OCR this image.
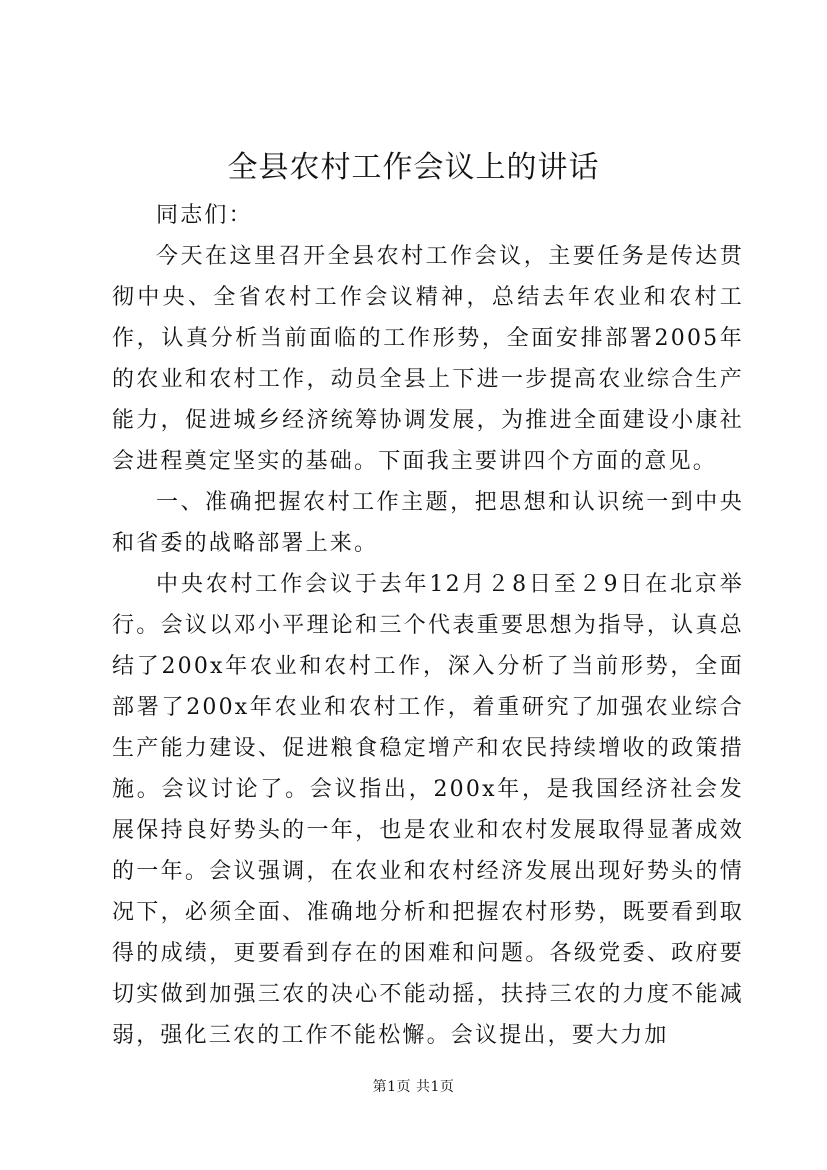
全县农村工作会议上的讲话

同志们：

今天在这里召开全县农村工作会议，主要任务是传达贯彻中央、全省农村工作会议精神，总结去年农业和农村工作，认真分析当前面临的工作形势，全面安排部署2005年的农业和农村工作，动员全县上下进一步提高农业综合生产能力，促进城乡经济统筹协调发展，为推进全面建设小康社会进程奠定坚实的基础。下面我主要讲四个方面的意见。

一、准确把握农村工作主题，把思想和认识统一到中央和省委的战略部署上来。

中央农村工作会议于去年12月２8日至２9日在北京举行。会议以邓小平理论和三个代表重要思想为指导，认真总结了200x年农业和农村工作，深入分析了当前形势，全面部署了200x年农业和农村工作，着重研究了加强农业综合生产能力建设、促进粮食稳定增产和农民持续增收的政策措施。会议讨论了。会议指出，200x年，是我国经济社会发展保持良好势头的一年，也是农业和农村发展取得显著成效的一年。会议强调，在农业和农村经济发展出现好势头的情况下，必须全面、准确地分析和把握农村形势，既要看到取得的成绩，更要看到存在的困难和问题。各级党委、政府要切实做到加强三农的决心不能动摇，扶持三农的力度不能减弱，强化三农的工作不能松懈。会议提出，要大力加

第1页 共1页
